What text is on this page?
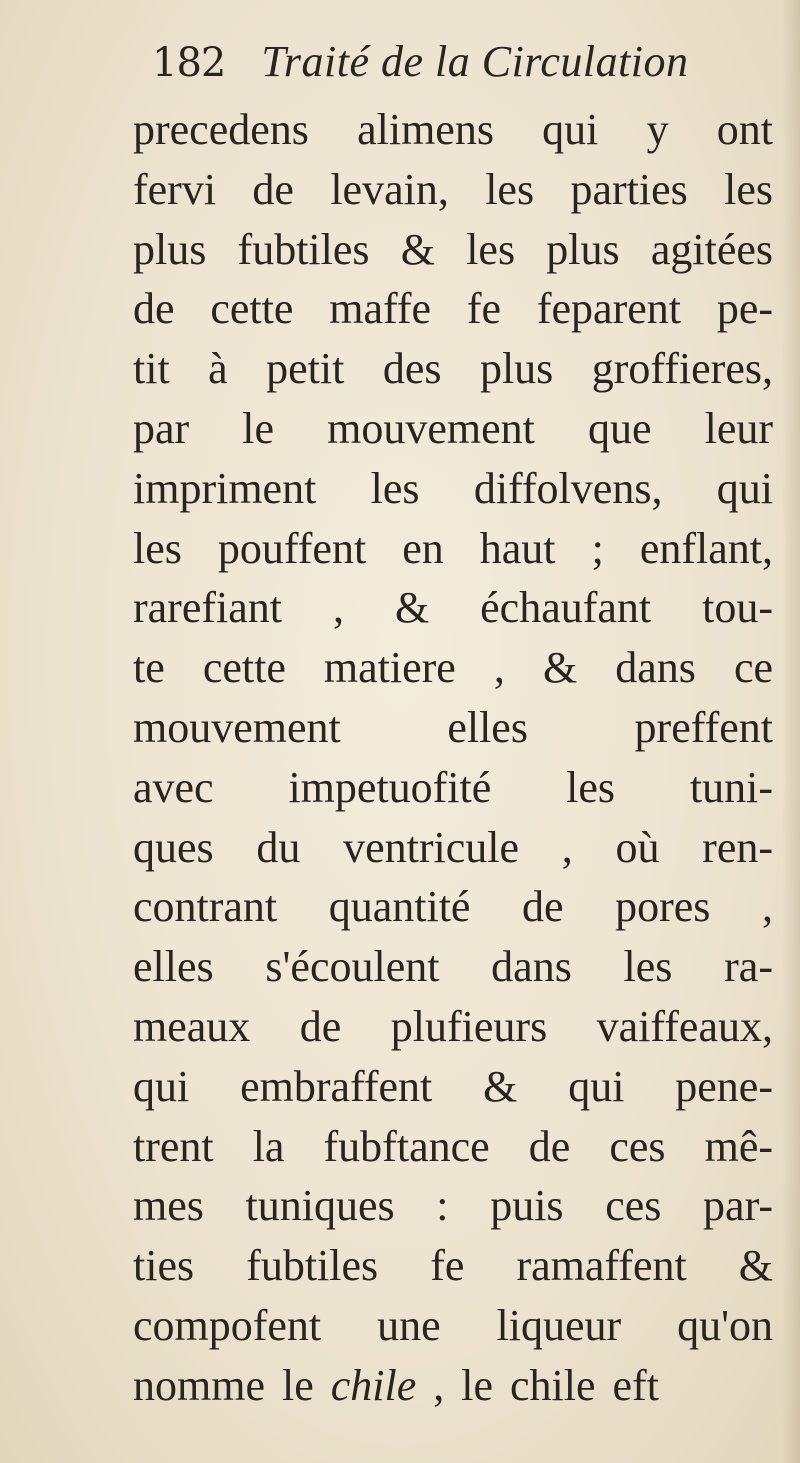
182 Traité de la Circulation
precedens alimens qui y ont
fervi de levain, les parties les
plus fubtiles & les plus agitées
de cette maffe fe feparent pe-
tit à petit des plus groffieres,
par le mouvement que leur
impriment les diffolvens, qui
les pouffent en haut ; enflant,
rarefiant , & échaufant tou-
te cette matiere , & dans ce
mouvement elles preffent
avec impetuofité les tuni-
ques du ventricule , où ren-
contrant quantité de pores ,
elles s'écoulent dans les ra-
meaux de plufieurs vaiffeaux,
qui embraffent & qui pene-
trent la fubftance de ces mê-
mes tuniques : puis ces par-
ties fubtiles fe ramaffent &
compofent une liqueur qu'on
nomme le chile , le chile eft
